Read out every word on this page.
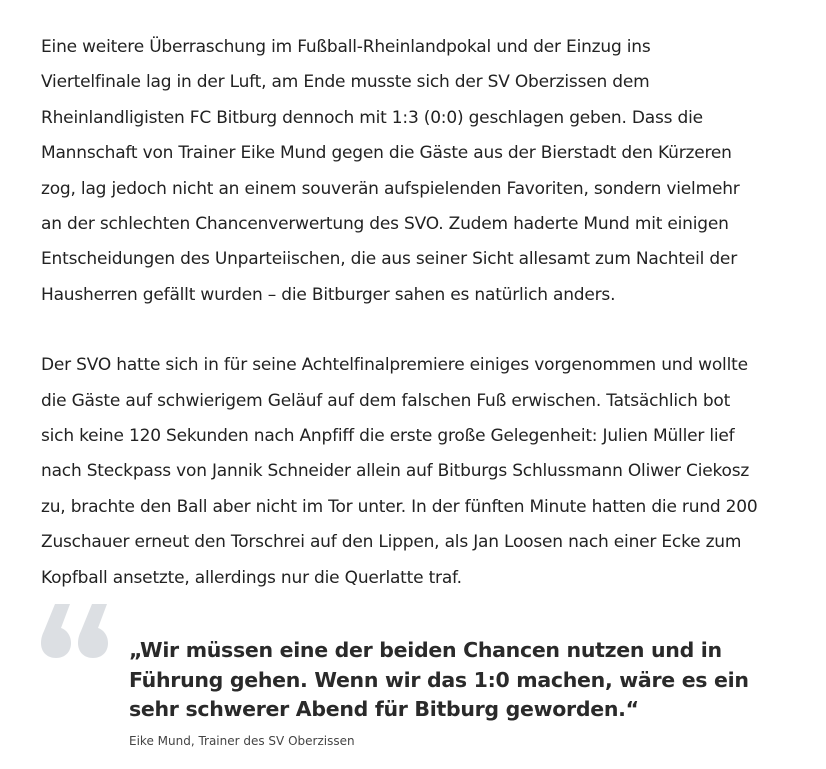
Eine weitere Überraschung im Fußball-Rheinlandpokal und der Einzug ins
Viertelfinale lag in der Luft, am Ende musste sich der SV Oberzissen dem
Rheinlandligisten FC Bitburg dennoch mit 1:3 (0:0) geschlagen geben. Dass die
Mannschaft von Trainer Eike Mund gegen die Gäste aus der Bierstadt den Kürzeren
zog, lag jedoch nicht an einem souverän aufspielenden Favoriten, sondern vielmehr
an der schlechten Chancenverwertung des SVO. Zudem haderte Mund mit einigen
Entscheidungen des Unparteiischen, die aus seiner Sicht allesamt zum Nachteil der
Hausherren gefällt wurden – die Bitburger sahen es natürlich anders.

Der SVO hatte sich in für seine Achtelfinalpremiere einiges vorgenommen und wollte
die Gäste auf schwierigem Geläuf auf dem falschen Fuß erwischen. Tatsächlich bot
sich keine 120 Sekunden nach Anpfiff die erste große Gelegenheit: Julien Müller lief
nach Steckpass von Jannik Schneider allein auf Bitburgs Schlussmann Oliwer Ciekosz
zu, brachte den Ball aber nicht im Tor unter. In der fünften Minute hatten die rund 200
Zuschauer erneut den Torschrei auf den Lippen, als Jan Loosen nach einer Ecke zum
Kopfball ansetzte, allerdings nur die Querlatte traf.

„Wir müssen eine der beiden Chancen nutzen und in
Führung gehen. Wenn wir das 1:0 machen, wäre es ein
sehr schwerer Abend für Bitburg geworden.“

Eike Mund, Trainer des SV Oberzissen
